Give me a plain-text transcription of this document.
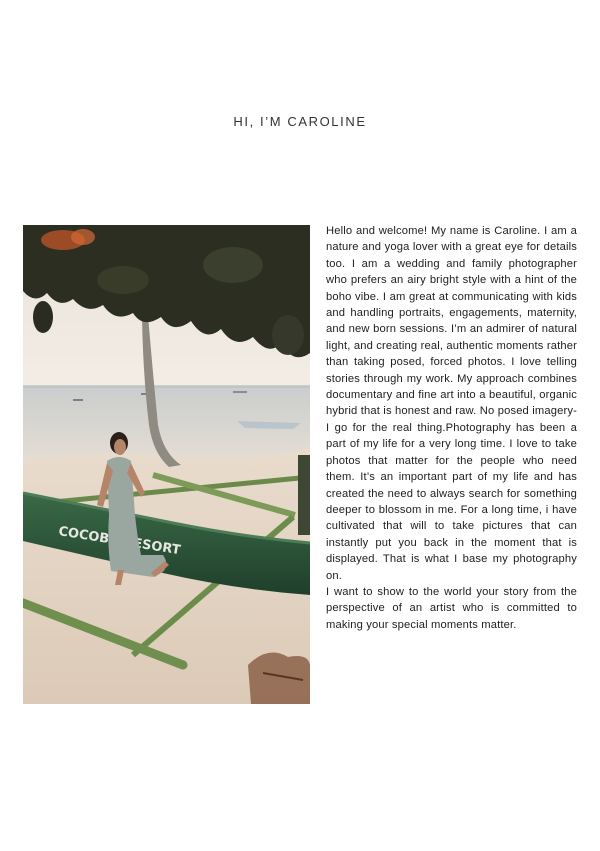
HI, I’M CAROLINE
COCOBA RESORT

Hello and welcome! My name is Caroline. I am a nature and yoga lover with a great eye for details too. I am a wedding and family photographer who prefers an airy bright style with a hint of the boho vibe. I am great at communicating with kids and handling portraits, engagements, maternity, and new born sessions. I’m an admirer of natural light, and creating real, authentic moments rather than taking posed, forced photos. I love telling stories through my work. My approach combines documentary and fine art into a beautiful, organic hybrid that is honest and raw. No posed imagery-I go for the real thing.Photography has been a part of my life for a very long time. I love to take photos that matter for the people who need them. It’s an important part of my life and has created the need to always search for something deeper to blossom in me. For a long time, i have cultivated that will to take pictures that can instantly put you back in the moment that is displayed. That is what I base my photography on.

I want to show to the world your story from the perspective of an artist who is committed to making your special moments matter.
